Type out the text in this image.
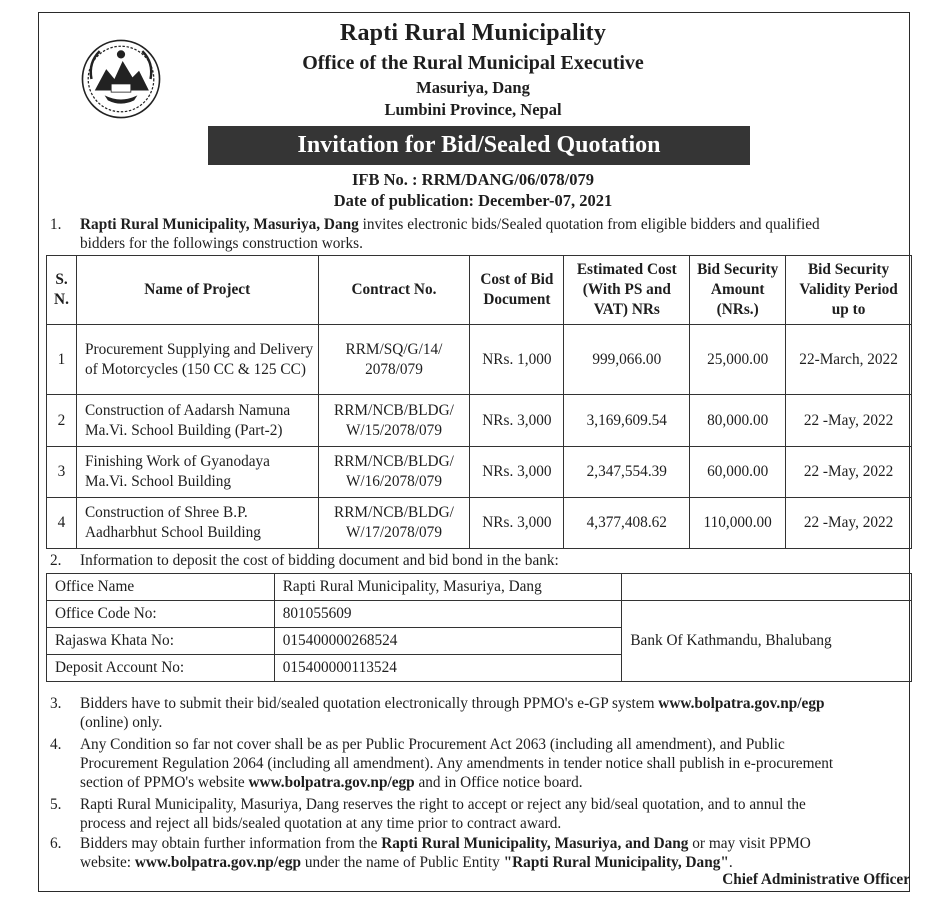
Rapti Rural Municipality
Office of the Rural Municipal Executive
Masuriya, Dang
Lumbini Province, Nepal
Invitation for Bid/Sealed Quotation
IFB No. : RRM/DANG/06/078/079
Date of publication: December-07, 2021
1. Rapti Rural Municipality, Masuriya, Dang invites electronic bids/Sealed quotation from eligible bidders and qualified
bidders for the followings construction works.
S. N.	Name of Project	Contract No.	Cost of Bid Document	Estimated Cost (With PS and VAT) NRs	Bid Security Amount (NRs.)	Bid Security Validity Period up to
1	Procurement Supplying and Delivery of Motorcycles (150 CC & 125 CC)	RRM/SQ/G/14/ 2078/079	NRs. 1,000	999,066.00	25,000.00	22-March, 2022
2	Construction of Aadarsh Namuna Ma.Vi. School Building (Part-2)	RRM/NCB/BLDG/ W/15/2078/079	NRs. 3,000	3,169,609.54	80,000.00	22 -May, 2022
3	Finishing Work of Gyanodaya Ma.Vi. School Building	RRM/NCB/BLDG/ W/16/2078/079	NRs. 3,000	2,347,554.39	60,000.00	22 -May, 2022
4	Construction of Shree B.P. Aadharbhut School Building	RRM/NCB/BLDG/ W/17/2078/079	NRs. 3,000	4,377,408.62	110,000.00	22 -May, 2022
2. Information to deposit the cost of bidding document and bid bond in the bank:
Office Name	Rapti Rural Municipality, Masuriya, Dang	
Office Code No:	801055609	Bank Of Kathmandu, Bhalubang
Rajaswa Khata No:	015400000268524	
Deposit Account No:	015400000113524	
3. Bidders have to submit their bid/sealed quotation electronically through PPMO's e-GP system www.bolpatra.gov.np/egp
(online) only.
4. Any Condition so far not cover shall be as per Public Procurement Act 2063 (including all amendment), and Public
Procurement Regulation 2064 (including all amendment). Any amendments in tender notice shall publish in e-procurement
section of PPMO's website www.bolpatra.gov.np/egp and in Office notice board.
5. Rapti Rural Municipality, Masuriya, Dang reserves the right to accept or reject any bid/seal quotation, and to annul the
process and reject all bids/sealed quotation at any time prior to contract award.
6. Bidders may obtain further information from the Rapti Rural Municipality, Masuriya, and Dang or may visit PPMO
website: www.bolpatra.gov.np/egp under the name of Public Entity "Rapti Rural Municipality, Dang".
Chief Administrative Officer
